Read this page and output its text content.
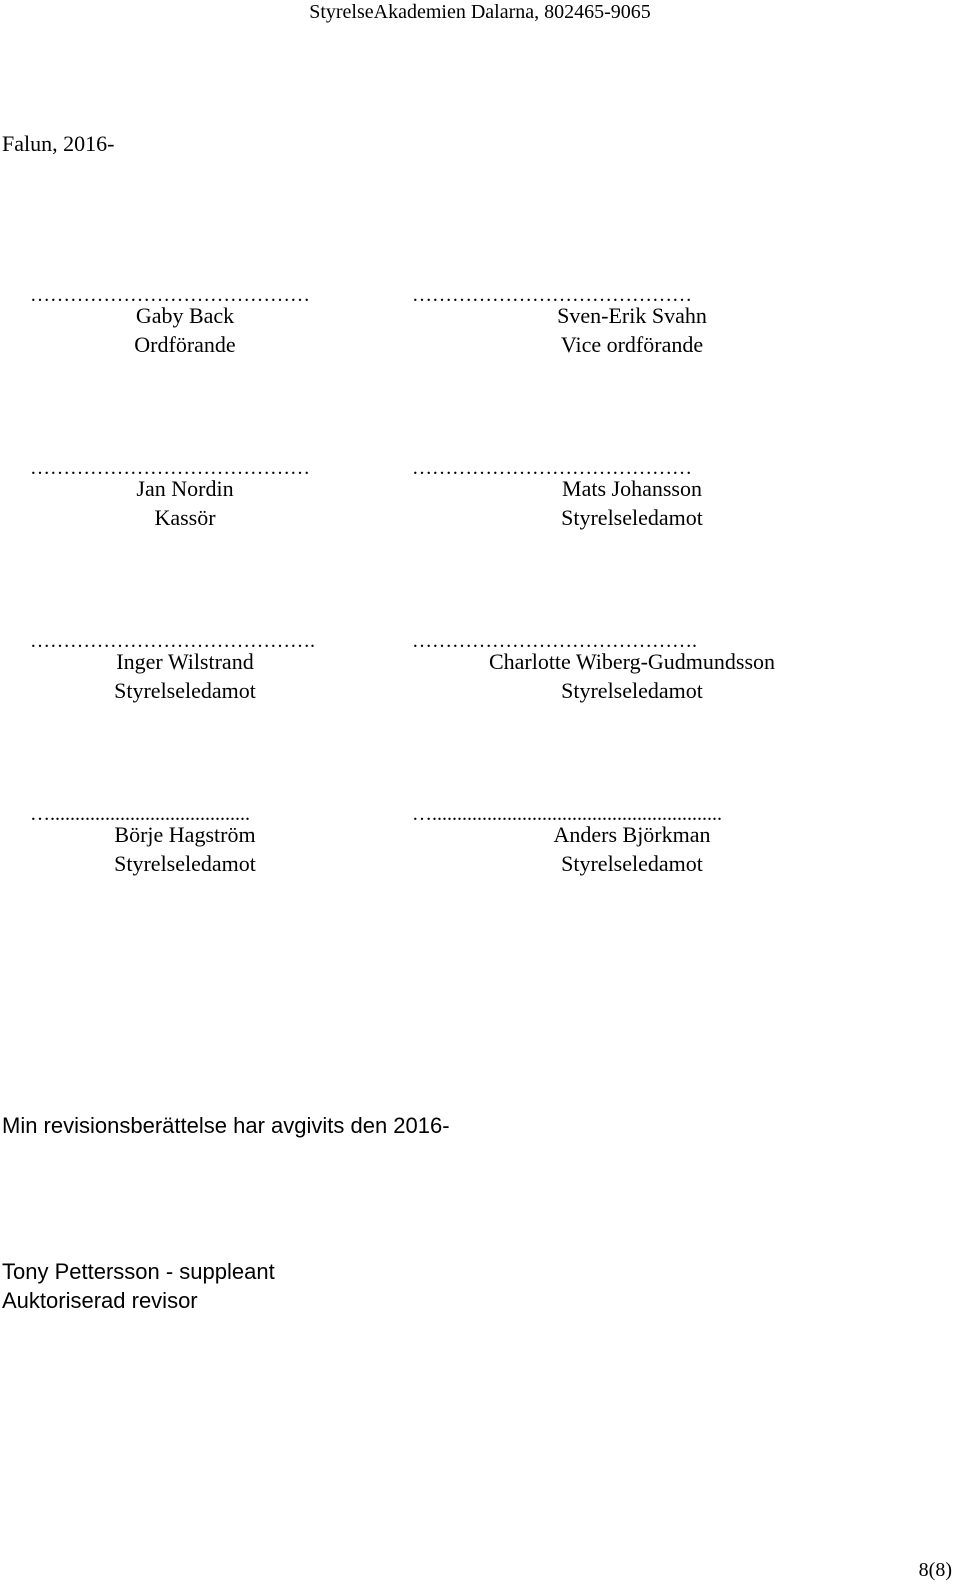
StyrelseAkademien Dalarna, 802465-9065
Falun, 2016-
……………………………………
Gaby Back
Ordförande
……………………………………
Sven-Erik Svahn
Vice ordförande
……………………………………
Jan Nordin
Kassör
……………………………………
Mats Johansson
Styrelseledamot
…………………………………….
Inger Wilstrand
Styrelseledamot
…………………………………….
Charlotte Wiberg-Gudmundsson
Styrelseledamot
…........................................
Börje Hagström
Styrelseledamot
…..........................................................
Anders Björkman
Styrelseledamot
Min revisionsberättelse har avgivits den 2016-
Tony Pettersson - suppleant
Auktoriserad revisor
8(8)
